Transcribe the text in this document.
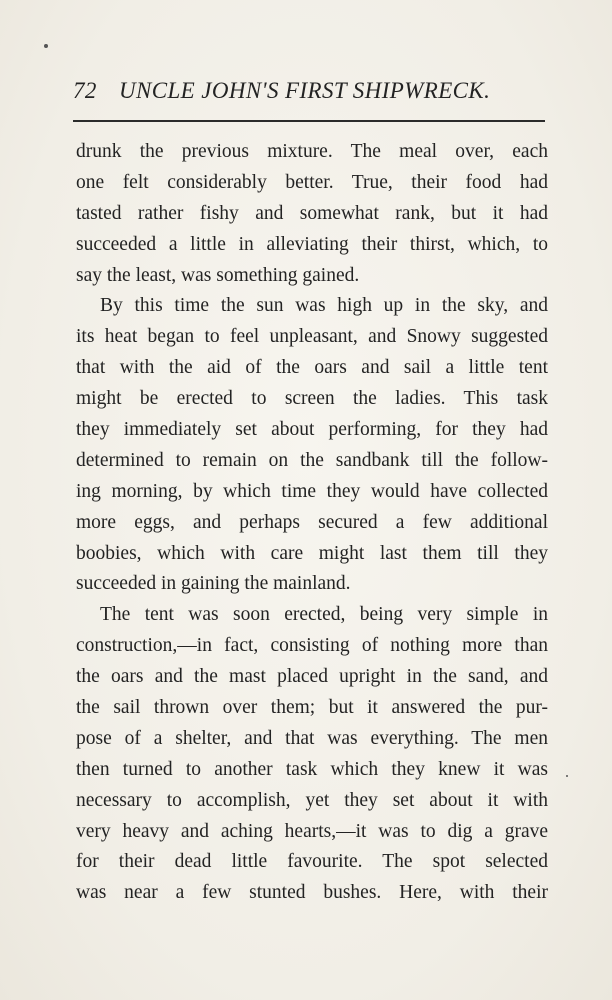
72 UNCLE JOHN'S FIRST SHIPWRECK.
drunk the previous mixture. The meal over, each
one felt considerably better. True, their food had
tasted rather fishy and somewhat rank, but it had
succeeded a little in alleviating their thirst, which, to
say the least, was something gained.
By this time the sun was high up in the sky, and
its heat began to feel unpleasant, and Snowy suggested
that with the aid of the oars and sail a little tent
might be erected to screen the ladies. This task
they immediately set about performing, for they had
determined to remain on the sandbank till the follow-
ing morning, by which time they would have collected
more eggs, and perhaps secured a few additional
boobies, which with care might last them till they
succeeded in gaining the mainland.
The tent was soon erected, being very simple in
construction,—in fact, consisting of nothing more than
the oars and the mast placed upright in the sand, and
the sail thrown over them; but it answered the pur-
pose of a shelter, and that was everything. The men
then turned to another task which they knew it was
necessary to accomplish, yet they set about it with
very heavy and aching hearts,—it was to dig a grave
for their dead little favourite. The spot selected
was near a few stunted bushes. Here, with their
